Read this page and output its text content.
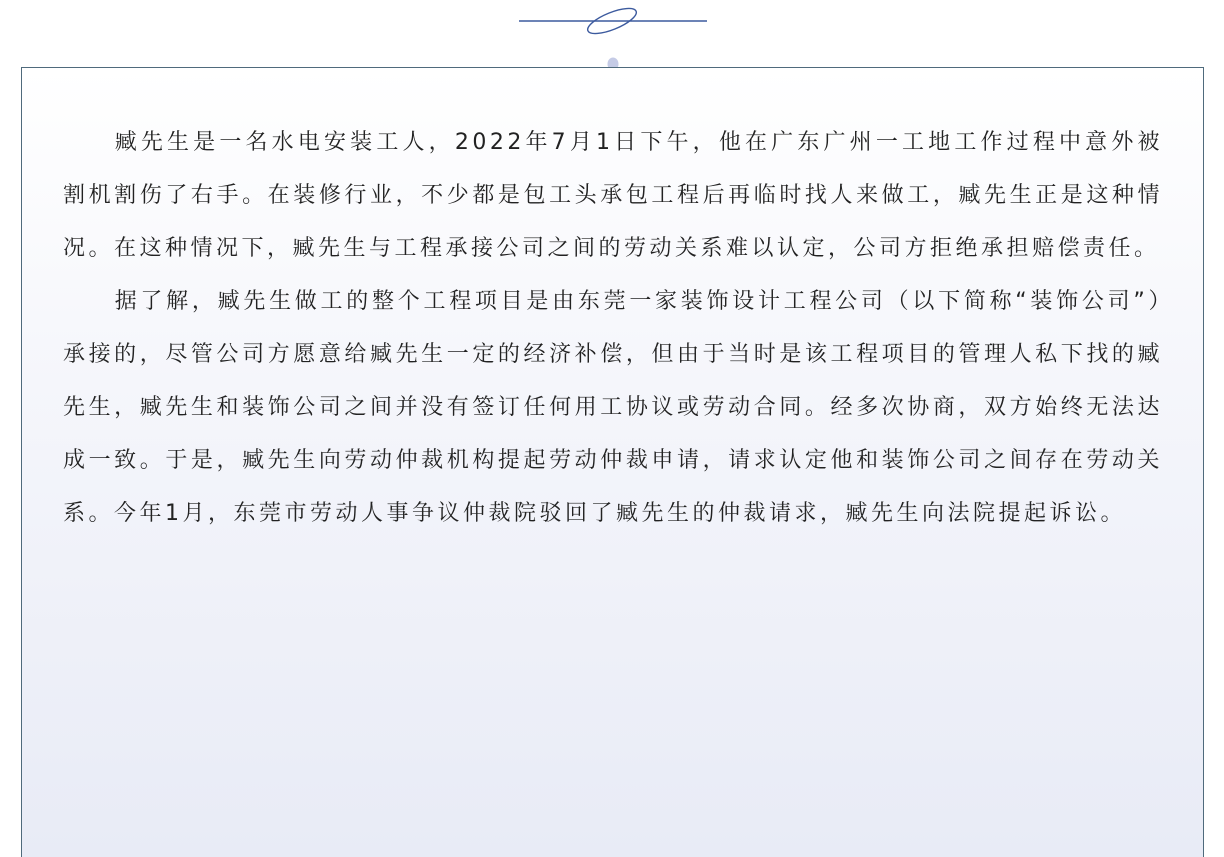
臧先生是一名水电安装工人，2022年7月1日下午，他在广东广州一工地工作过程中意外被割机割伤了右手。在装修行业，不少都是包工头承包工程后再临时找人来做工，臧先生正是这种情况。在这种情况下，臧先生与工程承接公司之间的劳动关系难以认定，公司方拒绝承担赔偿责任。

据了解，臧先生做工的整个工程项目是由东莞一家装饰设计工程公司（以下简称“装饰公司”）承接的，尽管公司方愿意给臧先生一定的经济补偿，但由于当时是该工程项目的管理人私下找的臧先生，臧先生和装饰公司之间并没有签订任何用工协议或劳动合同。经多次协商，双方始终无法达成一致。于是，臧先生向劳动仲裁机构提起劳动仲裁申请，请求认定他和装饰公司之间存在劳动关系。今年1月，东莞市劳动人事争议仲裁院驳回了臧先生的仲裁请求，臧先生向法院提起诉讼。
